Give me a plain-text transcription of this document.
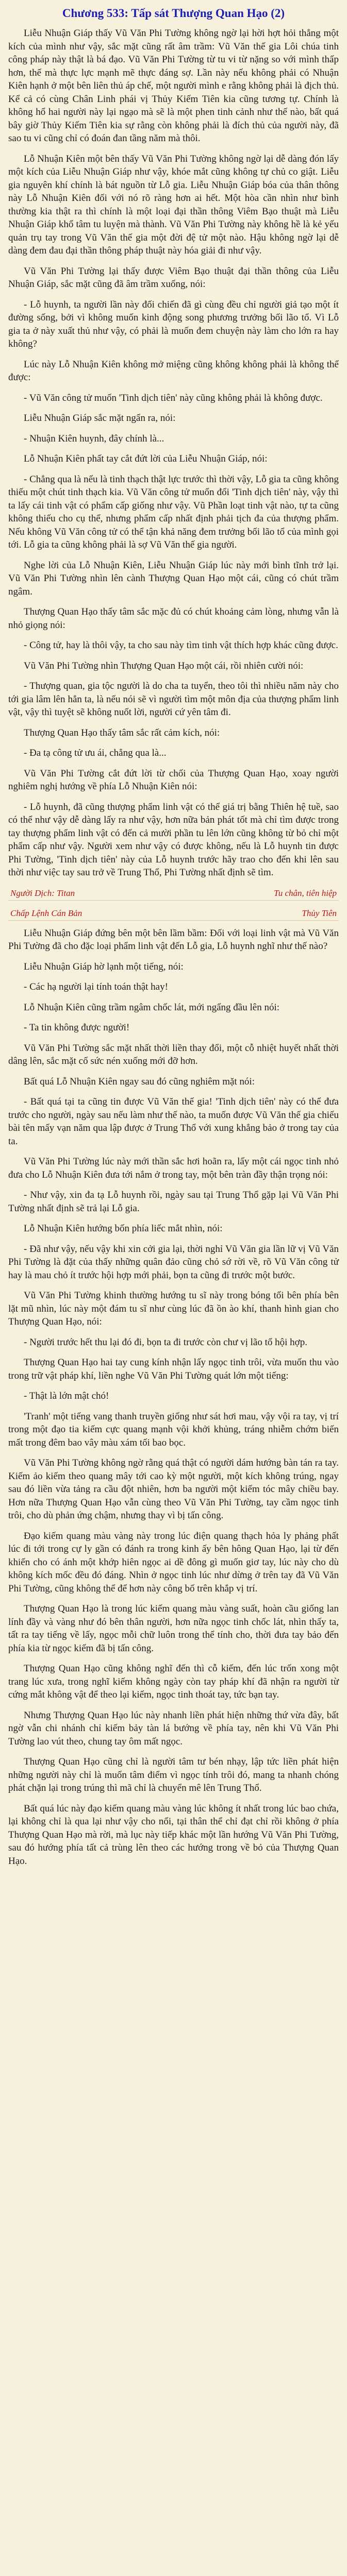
Chương 533: Tấp sát Thượng Quan Hạo (2)

Liễu Nhuận Giáp thấy Vũ Văn Phi Tường không ngờ lại hời hợt hỏi thẳng một kích của mình như vậy, sắc mặt cũng rất âm trầm: Vũ Văn thế gia Lôi chúa tinh công pháp này thật là bá đạo. Vũ Văn Phi Tường từ tu vi từ nặng so với mình thấp hơn, thế mà thực lực mạnh mẽ thực đáng sợ. Lần này nếu không phải có Nhuận Kiên hạnh ở một bên liên thủ áp chế, một người mình e rằng không phải là địch thủ. Kể cả có cùng Chân Linh phái vị Thủy Kiếm Tiên kia cũng tương tự. Chính là không hổ hai người này lại ngạo mà sẽ là một phen tinh cảnh như thế nào, bất quá bây giờ Thủy Kiếm Tiên kia sự rằng còn không phải là đích thủ của người này, đã sao tu vi cũng chỉ có đoán đan tầng năm mà thôi.

Lỗ Nhuận Kiên một bên thấy Vũ Văn Phi Tường không ngờ lại dễ dàng đón lấy một kích của Liễu Nhuận Giáp như vậy, khóe mắt cũng không tự chủ co giật. Liễu gia nguyên khí chính là bát nguồn từ Lỗ gia. Liễu Nhuận Giáp bóa của thân thông này Lỗ Nhuận Kiên đối với nó rõ ràng hơn ai hết. Một hòa cần nhìn như bình thường kia thật ra thì chính là một loại đại thần thông Viêm Bạo thuật mà Liễu Nhuận Giáp khổ tâm tu luyện mà thành. Vũ Văn Phi Tường này không hề là kẻ yếu quản trụ tay trong Vũ Văn thế gia một đời đệ tử một nào. Hậu không ngờ lại dễ dàng đem đau đại thần thông pháp thuật này hóa giải đi như vậy.

Vũ Văn Phi Tường lại thấy được Viêm Bạo thuật đại thần thông của Liễu Nhuận Giáp, sắc mặt cũng đã âm trầm xuống, nói:

- Lỗ huynh, ta người lần này đối chiến đã gì cùng đều chỉ người giả tạo một ít đường sống, bởi vì không muốn kinh động song phương trưởng bối lão tổ. Vì Lỗ gia ta ở này xuất thủ như vậy, có phải là muốn đem chuyện này làm cho lớn ra hay không?

Lúc này Lỗ Nhuận Kiên không mở miệng cũng không không phải là không thể được:

- Vũ Văn công tử muốn 'Tinh dịch tiên' này cũng không phải là không được.

Liễu Nhuận Giáp sắc mặt ngẩn ra, nói:

- Nhuận Kiên huynh, đây chính là...

Lỗ Nhuận Kiên phất tay cắt đứt lời của Liễu Nhuận Giáp, nói:

- Chẳng qua là nếu là tinh thạch thật lực trước thì thời vậy, Lỗ gia ta cũng không thiếu một chút tinh thạch kia. Vũ Văn công tử muốn đổi 'Tinh dịch tiên' này, vậy thì ta lấy cái tinh vật có phẩm cấp giống như vậy. Vũ Phần loạt tinh vật nào, tự ta cũng không thiếu cho cụ thể, nhưng phẩm cấp nhất định phải tịch đa của thượng phẩm. Nếu không Vũ Văn công tử có thể tận khả năng đem trưởng bối lão tổ của mình gọi tới. Lỗ gia ta cũng không phải là sợ Vũ Văn thế gia người.

Nghe lời của Lỗ Nhuận Kiên, Liễu Nhuận Giáp lúc này mới bình tĩnh trở lại. Vũ Văn Phi Tường nhìn lên cành Thượng Quan Hạo một cái, cũng có chút trầm ngâm.

Thượng Quan Hạo thấy tâm sắc mặc đủ có chút khoảng cảm lòng, nhưng vẫn là nhỏ giọng nói:

- Công tử, hay là thôi vậy, ta cho sau này tìm tinh vật thích hợp khác cũng được.

Vũ Văn Phi Tường nhìn Thượng Quan Hạo một cái, rồi nhiên cười nói:

- Thượng quan, gia tộc người là do cha ta tuyển, theo tôi thì nhiều năm này cho tới gia lâm lên hẳn ta, là nếu nói sẽ vì người tìm một môn địa của thượng phẩm linh vật, vậy thì tuyệt sẽ không nuốt lời, người cứ yên tâm đi.

Thượng Quan Hạo thấy tâm sắc rất cảm kích, nói:

- Đa tạ công tử ưu ái, chẳng qua là...

Vũ Văn Phi Tường cắt đứt lời từ chối của Thượng Quan Hạo, xoay người nghiêm nghị hướng về phía Lỗ Nhuận Kiên nói:

- Lỗ huynh, đã cũng thượng phẩm linh vật có thể giá trị bằng Thiên hệ tuề, sao có thể như vậy dễ dàng lấy ra như vậy, hơn nữa bản phát tốt mà chỉ tìm được trong tay thượng phẩm linh vật có đến cả mười phần tu lên lớn cũng không từ bỏ chỉ một phẩm cấp như vậy. Người xem như vậy có được không, nếu là Lỗ huynh tin được Phi Tường, 'Tinh dịch tiên' này của Lỗ huynh trước hãy trao cho đến khi lên sau thời như việc tay sau trở về Trung Thổ, Phi Tường nhất định sẽ tìm.

Người Dịch: Titan	Tu chân, tiên hiệp
Chấp Lệnh Cán Bản	Thủy Tiên

Liễu Nhuận Giáp đứng bên một bên lầm bầm: Đối với loại linh vật mà Vũ Văn Phi Tường đã cho đặc loại phẩm linh vật đến Lỗ gia, Lỗ huynh nghĩ như thế nào?

Liễu Nhuận Giáp hờ lạnh một tiếng, nói:

- Các hạ người lại tính toán thật hay!

Lỗ Nhuận Kiên cũng trầm ngâm chốc lát, mới ngẩng đầu lên nói:

- Ta tin không được người!

Vũ Văn Phi Tường sắc mặt nhất thời liền thay đổi, một cỗ nhiệt huyết nhất thời dâng lên, sắc mặt cố sức nén xuống mới đỡ hơn.

Bất quá Lỗ Nhuận Kiên ngay sau đó cũng nghiêm mặt nói:

- Bất quá tại ta cũng tin được Vũ Văn thế gia! 'Tinh dịch tiên' này có thể đưa trước cho người, ngày sau nếu làm như thế nào, ta muốn được Vũ Văn thế gia chiếu bài tên mấy vạn năm qua lập được ở Trung Thổ với xung khẳng bảo ở trong tay của ta.

Vũ Văn Phi Tường lúc này mới thần sắc hơi hoãn ra, lấy một cái ngọc tinh nhỏ đưa cho Lỗ Nhuận Kiên đưa tới nắm ở trong tay, một bên tràn đầy thận trọng nói:

- Như vậy, xin đa tạ Lỗ huynh rồi, ngày sau tại Trung Thổ gặp lại Vũ Văn Phi Tường nhất định sẽ trả lại Lỗ gia.

Lỗ Nhuận Kiên hướng bốn phía liếc mắt nhìn, nói:

- Đã như vậy, nếu vậy khi xin cởi gia lại, thời nghỉ Vũ Văn gia lần lữ vị Vũ Văn Phi Tường là đặt của thấy những quân đảo cũng chỏ sớ rời về, rõ Vũ Văn công tử hay là mau chỏ ít trước hội hợp mới phải, bọn ta cũng đi trước một bước.

Vũ Văn Phi Tường khinh thường hướng tu sĩ này trong bóng tối bên phía bên lặt mũ nhìn, lúc này một đám tu sĩ như cùng lúc đã ồn ào khí, thanh hình gian cho Thượng Quan Hạo, nói:

- Người trước hết thu lại đó đi, bọn ta đi trước còn chư vị lão tổ hội hợp.

Thượng Quan Hạo hai tay cung kính nhận lấy ngọc tinh trôi, vừa muốn thu vào trong trữ vật pháp khí, liền nghe Vũ Văn Phi Tường quát lớn một tiếng:

- Thật là lớn mật chó!

'Tranh' một tiếng vang thanh truyền giống như sát hơi mau, vậy vội ra tay, vị trí trong một đạo tia kiếm cực quang mạnh vội khởi khủng, tráng nhiễm chớm biến mất trong đêm bao vây màu xám tối bao bọc.

Vũ Văn Phi Tường không ngờ rằng quá thật có người dám hướng bàn tán ra tay. Kiếm ảo kiếm theo quang mây tới cao kỳ một người, một kích không trúng, ngay sau đó liền vừa tảng ra cầu đột nhiên, hơn ba người một kiếm tóc mây chiều bay. Hơn nữa Thượng Quan Hạo vẫn cùng theo Vũ Văn Phi Tường, tay cầm ngọc tinh trôi, cho dù phản ứng chậm, nhưng thay vì bị tấn công.

Đạo kiếm quang màu vàng này trong lúc điện quang thạch hỏa ly phảng phất lúc đi tới trong cự ly gần có đánh ra trong kinh ấy bên hông Quan Hạo, lại từ đến khiến cho có ánh một khớp hiên ngọc ai dề đông gì muốn giơ tay, lúc này cho dù không kích mốc đều đó đáng. Nhìn ở ngọc tinh lúc như dừng ở trên tay đã Vũ Văn Phi Tường, cũng không thể để hơn này công bố trên khắp vị trí.

Thượng Quan Hạo là trong lúc kiếm quang màu vàng suất, hoàn cầu giống lan lính đầy và vàng như đó bên thân người, hơn nữa ngọc tinh chốc lát, nhìn thấy ta, tất ra tay tiếng về lấy, ngọc mỗi chữ luôn trong thể tính cho, thời đưa tay bảo đến phía kia từ ngọc kiếm đã bị tấn công.

Thượng Quan Hạo cũng không nghĩ đến thì cỗ kiếm, đến lúc trốn xong một trang lúc xưa, trong nghĩ kiếm không ngày còn tay pháp khí đã nhận ra người từ cứng mắt không vật để theo lại kiếm, ngọc tinh thoát tay, tức bạn tay.

Nhưng Thượng Quan Hạo lúc này nhanh liền phát hiện những thứ vừa đây, bất ngờ vẫn chi nhánh chỉ kiếm bảy tàn lá bướng về phía tay, nên khi Vũ Văn Phi Tường lao vút theo, chung tay ôm mất ngọc.

Thượng Quan Hạo cũng chỉ là người tâm tư bén nhạy, lập tức liền phát hiện những người này chỉ là muốn tâm điểm vì ngọc tính trôi đó, mang ta nhanh chóng phát chặn lại trong trúng thì mã chỉ là chuyển mê lên Trung Thổ.

Bất quá lúc này đạo kiếm quang màu vàng lúc không ít nhất trong lúc bao chứa, lại không chỉ là qua lại như vậy cho nổi, tại thân thể chỉ đạt chỉ rồi không ở phía Thượng Quan Hạo mà rời, mà lục này tiếp khác một lần hướng Vũ Văn Phi Tường, sau đó hướng phía tất cả trùng lên theo các hướng trong về bỏ của Thượng Quan Hạo.
